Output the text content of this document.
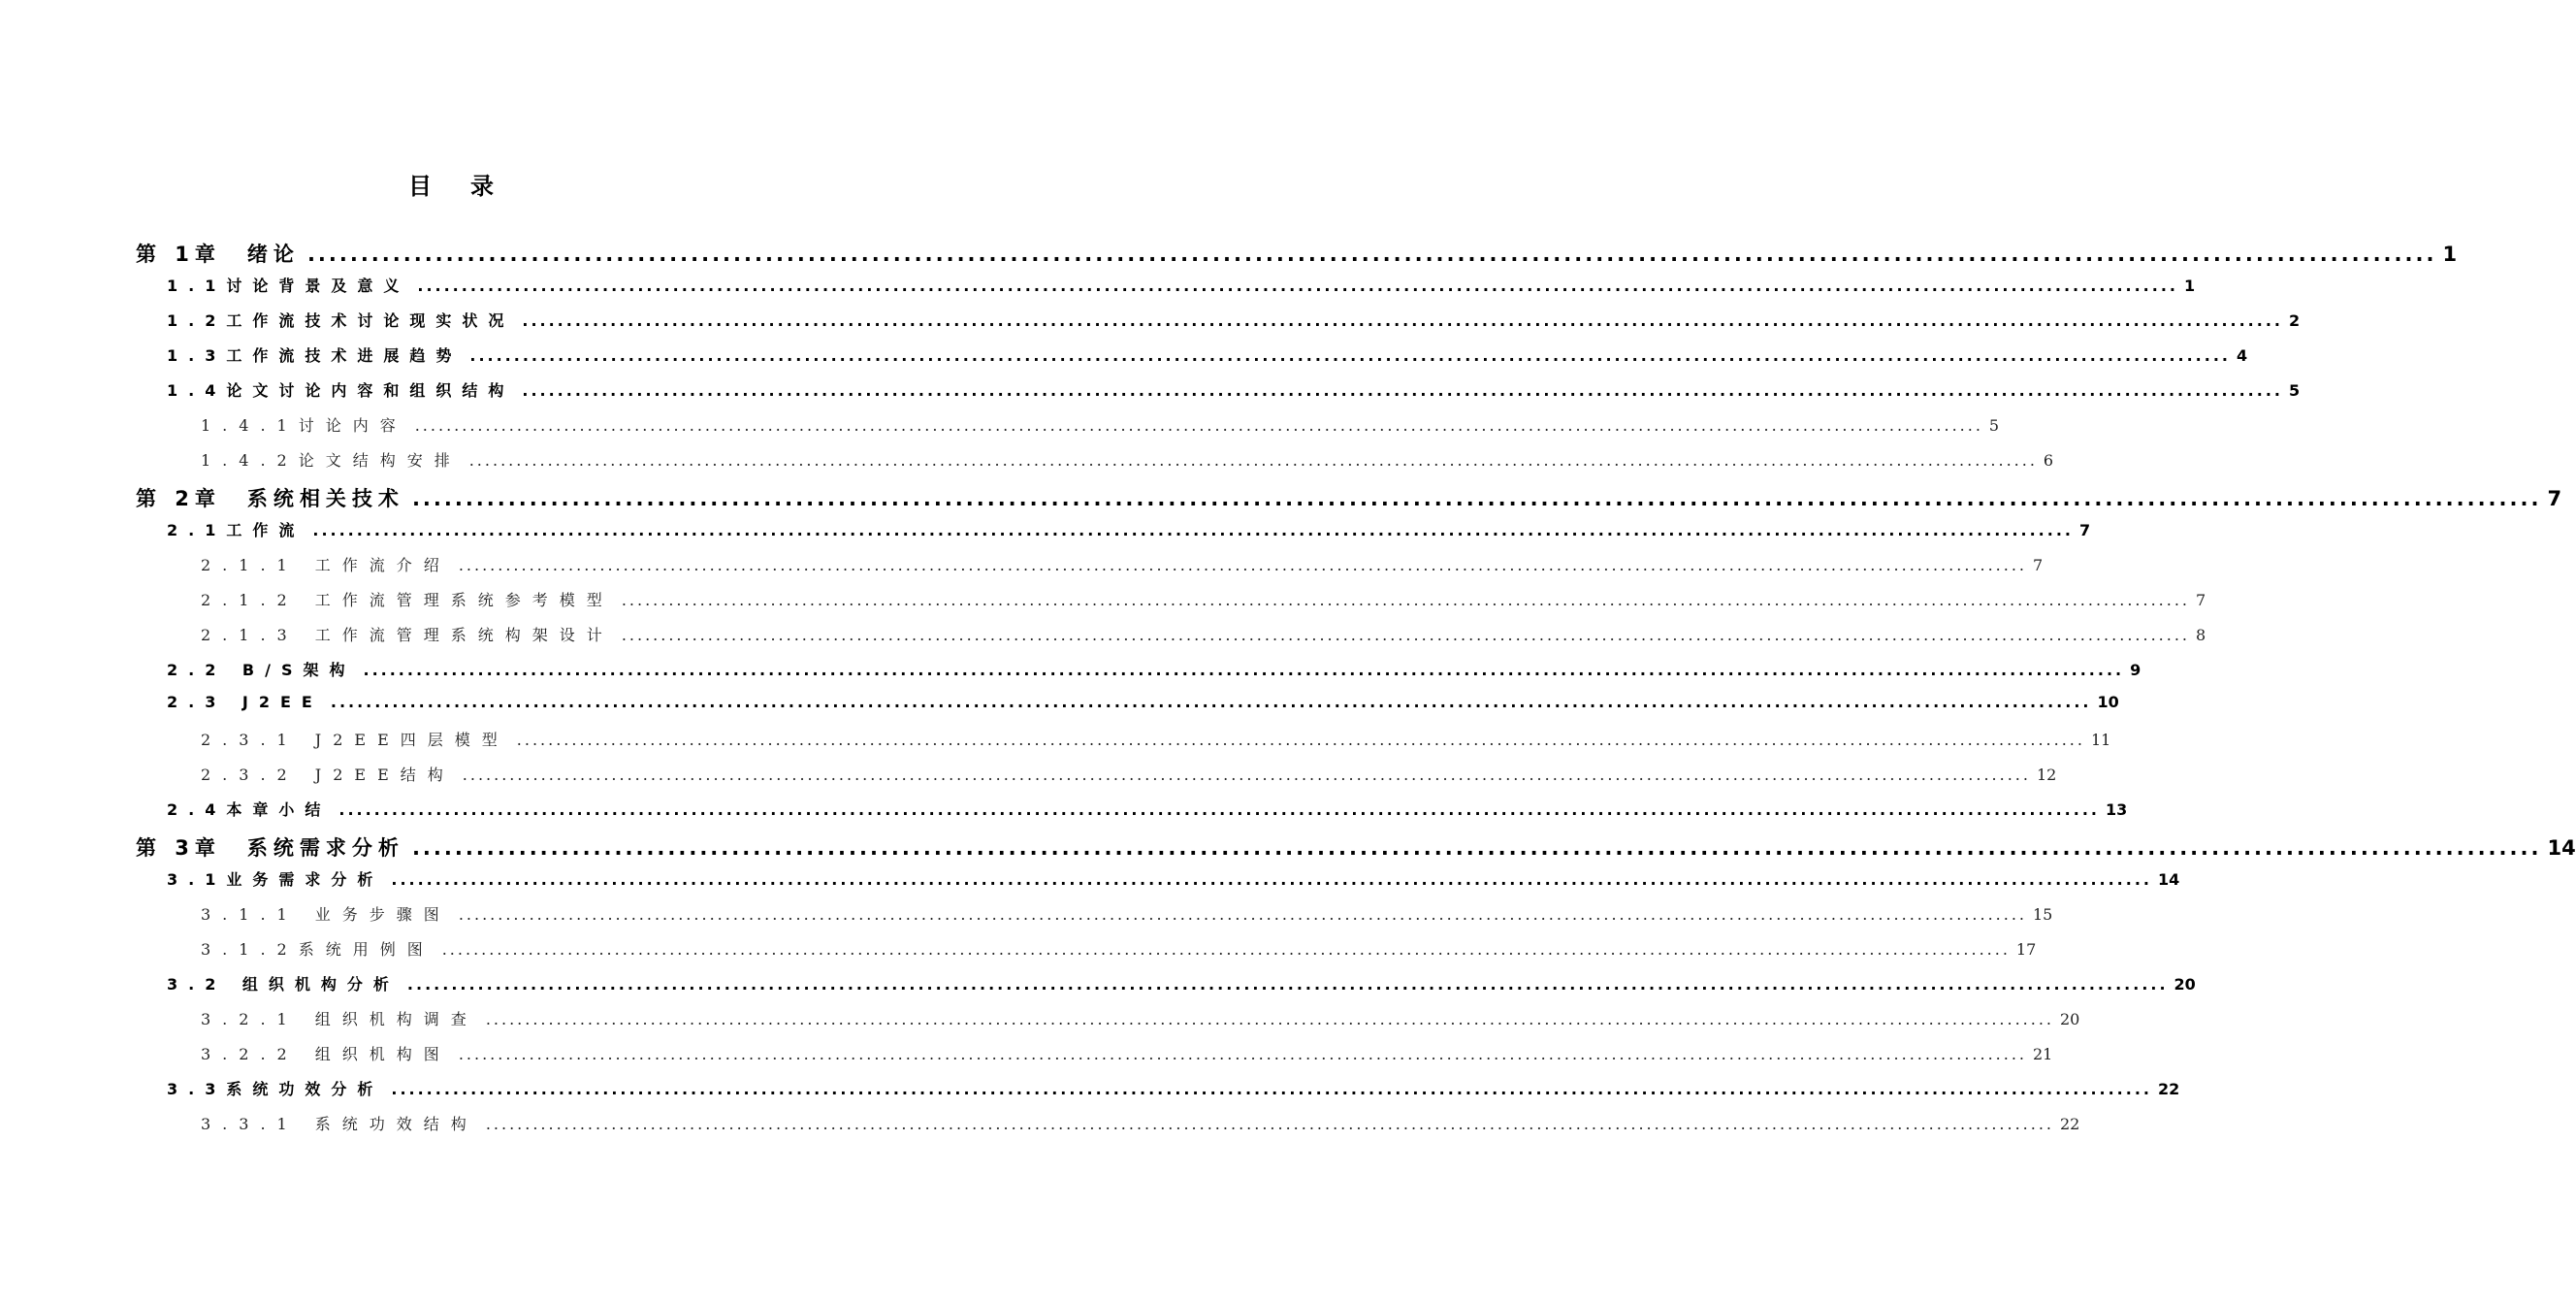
目录
第 1章　绪论 ........................................................................................................................................................................................................ 1
1.1讨论背景及意义 ........................................................................................................................................................................................................ 1
1.2工作流技术讨论现实状况 ........................................................................................................................................................................................................ 2
1.3工作流技术进展趋势 ........................................................................................................................................................................................................ 4
1.4论文讨论内容和组织结构 ........................................................................................................................................................................................................ 5
1.4.1讨论内容 ........................................................................................................................................................................................................ 5
1.4.2论文结构安排 ........................................................................................................................................................................................................ 6
第 2章　系统相关技术 ........................................................................................................................................................................................................ 7
2.1工作流 ........................................................................................................................................................................................................ 7
2.1.1 工作流介绍 ........................................................................................................................................................................................................ 7
2.1.2 工作流管理系统参考模型 ........................................................................................................................................................................................................ 7
2.1.3 工作流管理系统构架设计 ........................................................................................................................................................................................................ 8
2.2 B/S架构 ........................................................................................................................................................................................................ 9
2.3 J2EE ........................................................................................................................................................................................................ 10
2.3.1 J2EE四层模型 ........................................................................................................................................................................................................ 11
2.3.2 J2EE结构 ........................................................................................................................................................................................................ 12
2.4本章小结 ........................................................................................................................................................................................................ 13
第 3章　系统需求分析 ........................................................................................................................................................................................................ 14
3.1业务需求分析 ........................................................................................................................................................................................................ 14
3.1.1 业务步骤图 ........................................................................................................................................................................................................ 15
3.1.2系统用例图 ........................................................................................................................................................................................................ 17
3.2 组织机构分析 ........................................................................................................................................................................................................ 20
3.2.1 组织机构调查 ........................................................................................................................................................................................................ 20
3.2.2 组织机构图 ........................................................................................................................................................................................................ 21
3.3系统功效分析 ........................................................................................................................................................................................................ 22
3.3.1 系统功效结构 ........................................................................................................................................................................................................ 22
